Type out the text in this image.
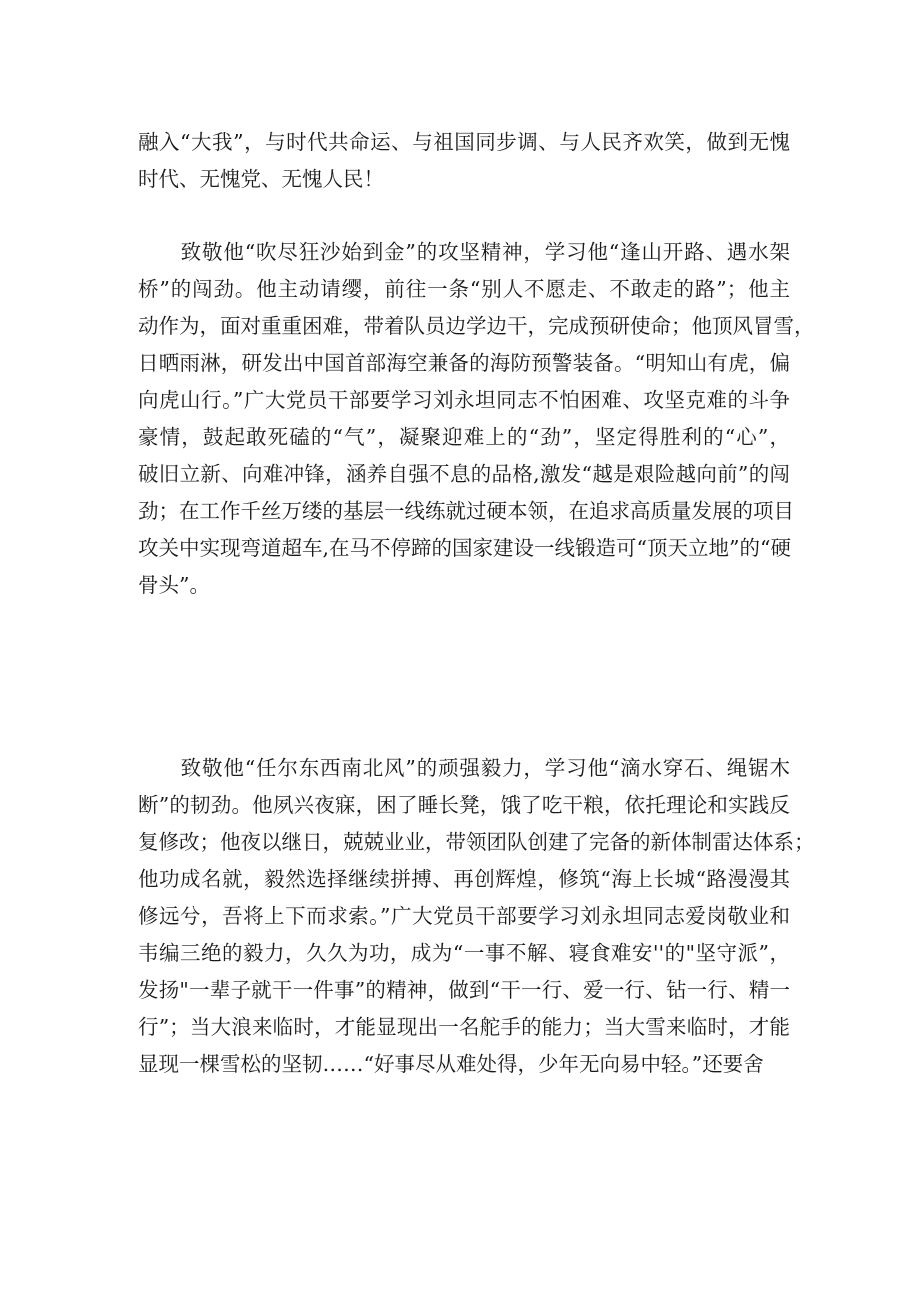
融入“大我”，与时代共命运、与祖国同步调、与人民齐欢笑，做到无愧
时代、无愧党、无愧人民！
　　致敬他“吹尽狂沙始到金”的攻坚精神，学习他“逢山开路、遇水架
桥”的闯劲。他主动请缨，前往一条“别人不愿走、不敢走的路”；他主
动作为，面对重重困难，带着队员边学边干，完成预研使命；他顶风冒雪，
日晒雨淋，研发出中国首部海空兼备的海防预警装备。“明知山有虎，偏
向虎山行。”广大党员干部要学习刘永坦同志不怕困难、攻坚克难的斗争
豪情，鼓起敢死磕的“气”，凝聚迎难上的“劲”，坚定得胜利的“心”，
破旧立新、向难冲锋，涵养自强不息的品格,激发“越是艰险越向前”的闯
劲；在工作千丝万缕的基层一线练就过硬本领，在追求高质量发展的项目
攻关中实现弯道超车,在马不停蹄的国家建设一线锻造可“顶天立地”的“硬
骨头”。
　　致敬他“任尔东西南北风”的顽强毅力，学习他“滴水穿石、绳锯木
断”的韧劲。他夙兴夜寐，困了睡长凳，饿了吃干粮，依托理论和实践反
复修改；他夜以继日，兢兢业业，带领团队创建了完备的新体制雷达体系；
他功成名就，毅然选择继续拼搏、再创辉煌，修筑“海上长城“路漫漫其
修远兮，吾将上下而求索。”广大党员干部要学习刘永坦同志爱岗敬业和
韦编三绝的毅力，久久为功，成为“一事不解、寝食难安''的"坚守派”，
发扬"一辈子就干一件事”的精神，做到“干一行、爱一行、钻一行、精一
行”；当大浪来临时，才能显现出一名舵手的能力；当大雪来临时，才能
显现一棵雪松的坚韧……“好事尽从难处得，少年无向易中轻。”还要舍
